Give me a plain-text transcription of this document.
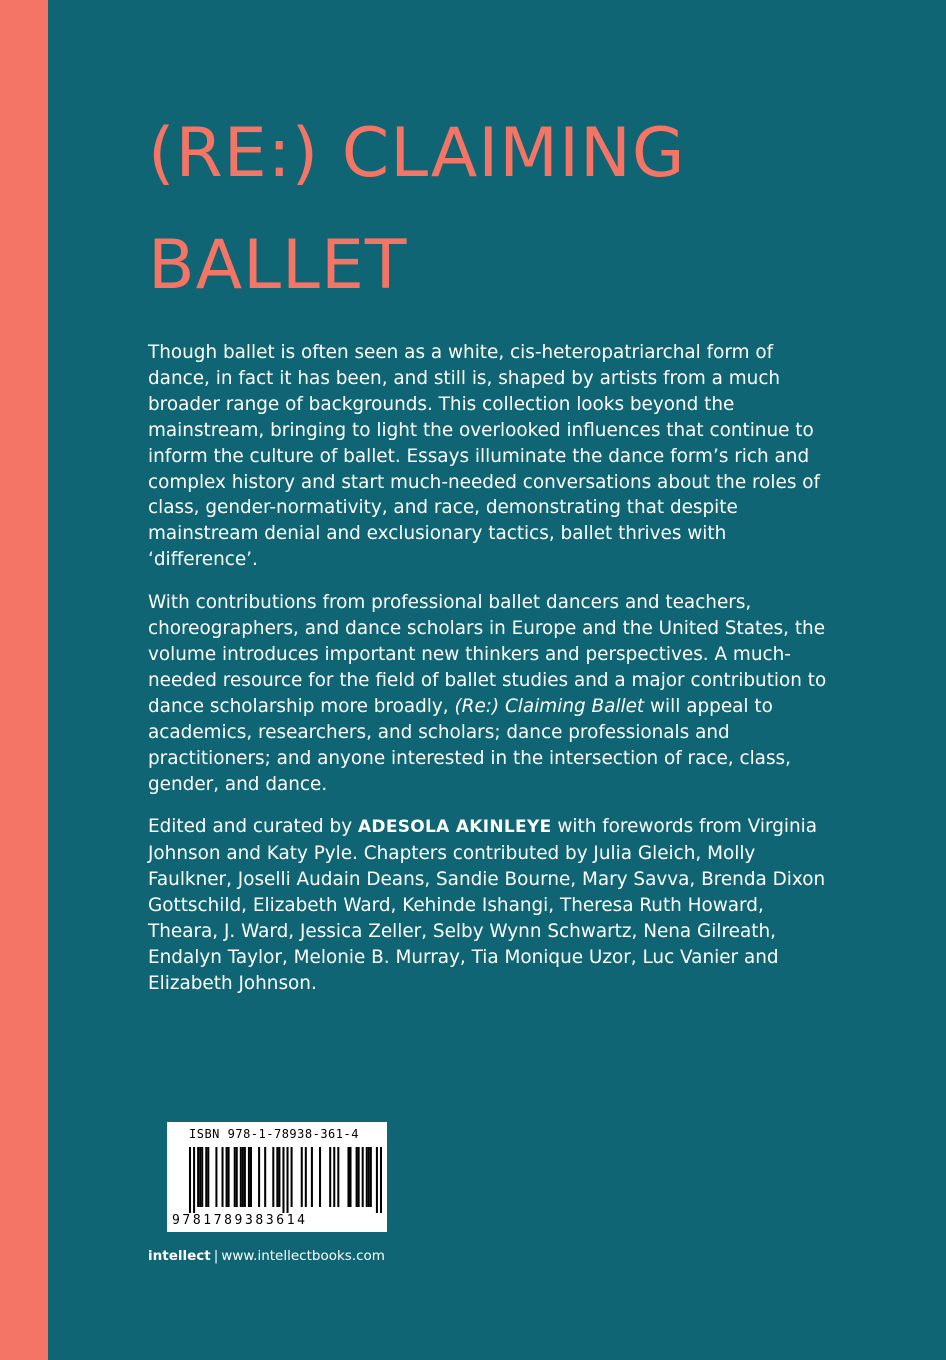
(RE:) CLAIMING
BALLET

Though ballet is often seen as a white, cis-heteropatriarchal form of dance, in fact it has been, and still is, shaped by artists from a much broader range of backgrounds. This collection looks beyond the mainstream, bringing to light the overlooked influences that continue to inform the culture of ballet. Essays illuminate the dance form’s rich and complex history and start much-needed conversations about the roles of class, gender-normativity, and race, demonstrating that despite mainstream denial and exclusionary tactics, ballet thrives with ‘difference’.

With contributions from professional ballet dancers and teachers, choreographers, and dance scholars in Europe and the United States, the volume introduces important new thinkers and perspectives. A much-needed resource for the field of ballet studies and a major contribution to dance scholarship more broadly, (Re:) Claiming Ballet will appeal to academics, researchers, and scholars; dance professionals and practitioners; and anyone interested in the intersection of race, class, gender, and dance.

Edited and curated by ADESOLA AKINLEYE with forewords from Virginia Johnson and Katy Pyle. Chapters contributed by Julia Gleich, Molly Faulkner, Joselli Audain Deans, Sandie Bourne, Mary Savva, Brenda Dixon Gottschild, Elizabeth Ward, Kehinde Ishangi, Theresa Ruth Howard, Theara, J. Ward, Jessica Zeller, Selby Wynn Schwartz, Nena Gilreath, Endalyn Taylor, Melonie B. Murray, Tia Monique Uzor, Luc Vanier and Elizabeth Johnson.

ISBN 978-1-78938-361-4
9781789383614
intellect | www.intellectbooks.com
